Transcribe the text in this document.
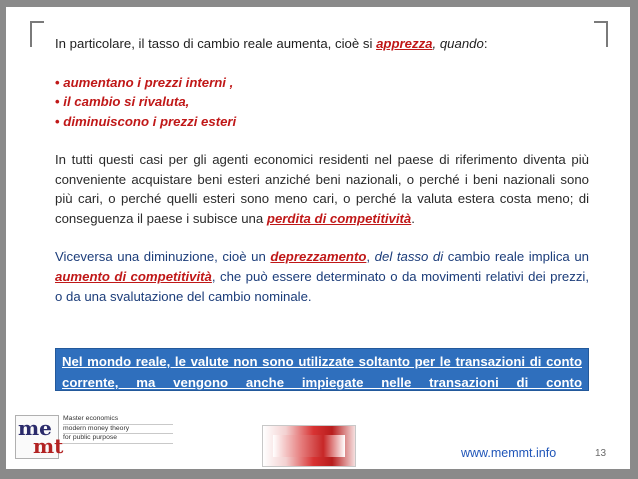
In particolare, il tasso di cambio reale aumenta, cioè si apprezza, quando:

• aumentano i prezzi interni ,
• il cambio si rivaluta,
• diminuiscono i prezzi esteri

In tutti questi casi per gli agenti economici residenti nel paese di riferimento diventa più conveniente acquistare beni esteri anziché beni nazionali, o perché i beni nazionali sono più cari, o perché quelli esteri sono meno cari, o perché la valuta estera costa meno; di conseguenza il paese i subisce una perdita di competitività.

Viceversa una diminuzione, cioè un deprezzamento, del tasso di cambio reale implica un aumento di competitività, che può essere determinato o da movimenti relativi dei prezzi, o da una svalutazione del cambio nominale.

Nel mondo reale, le valute non sono utilizzate soltanto per le transazioni di conto corrente, ma vengono anche impiegate nelle transazioni di conto

me
mt
Master economics
modern money theory
for public purpose
www.memmt.info	13
